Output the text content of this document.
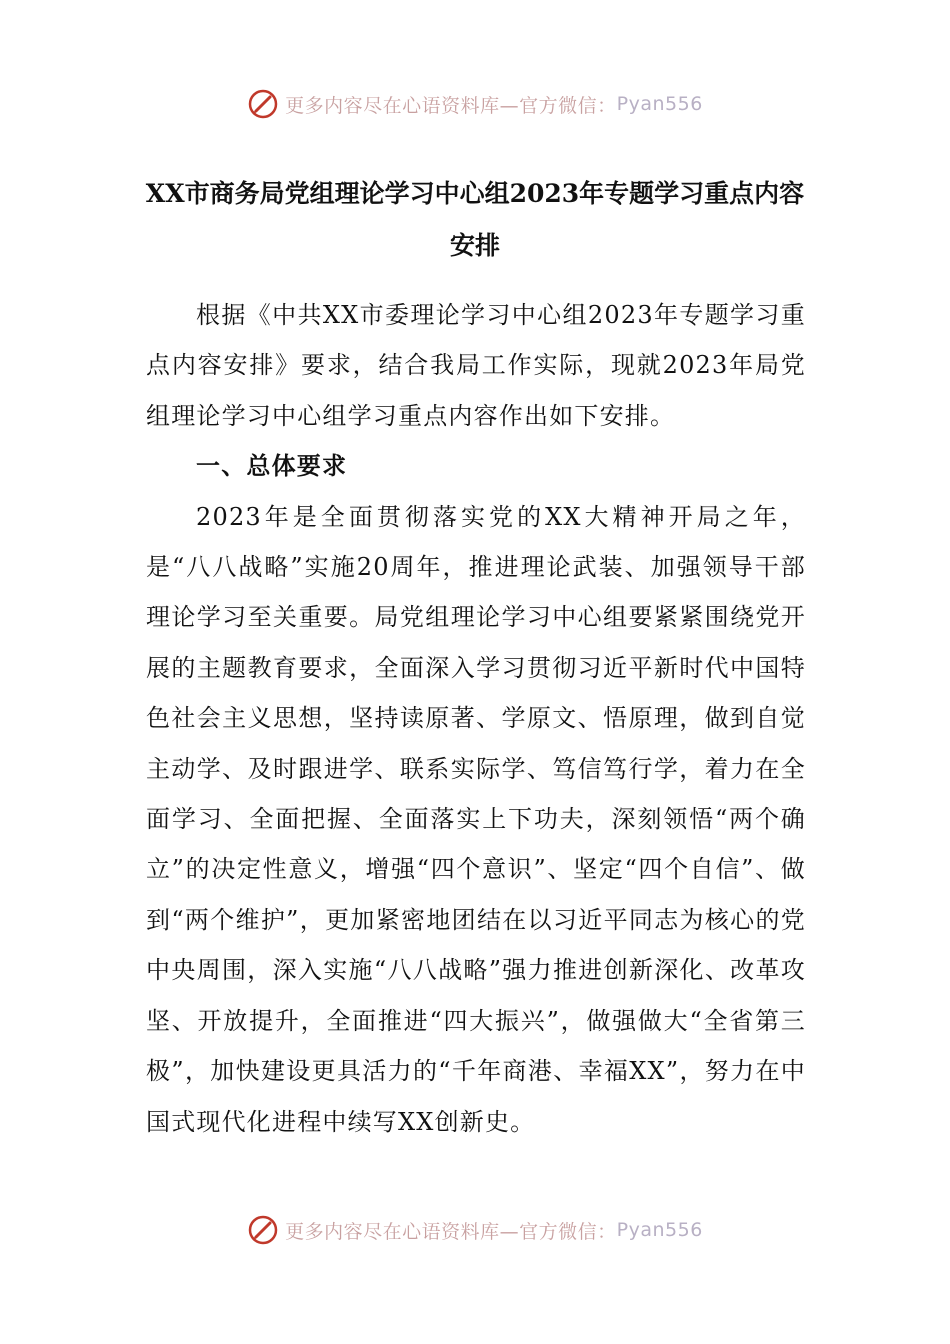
更多内容尽在心语资料库—官方微信： Pyan556
XX市商务局党组理论学习中心组2023年专题学习重点内容安排

根据《中共XX市委理论学习中心组2023年专题学习重点内容安排》要求，结合我局工作实际，现就2023年局党组理论学习中心组学习重点内容作出如下安排。

一、总体要求

2023年是全面贯彻落实党的XX大精神开局之年，是“八八战略”实施20周年，推进理论武装、加强领导干部理论学习至关重要。局党组理论学习中心组要紧紧围绕党开展的主题教育要求，全面深入学习贯彻习近平新时代中国特色社会主义思想，坚持读原著、学原文、悟原理，做到自觉主动学、及时跟进学、联系实际学、笃信笃行学，着力在全面学习、全面把握、全面落实上下功夫，深刻领悟“两个确立”的决定性意义，增强“四个意识”、坚定“四个自信”、做到“两个维护”，更加紧密地团结在以习近平同志为核心的党中央周围，深入实施“八八战略”强力推进创新深化、改革攻坚、开放提升，全面推进“四大振兴”，做强做大“全省第三极”，加快建设更具活力的“千年商港、幸福XX”，努力在中国式现代化进程中续写XX创新史。

更多内容尽在心语资料库—官方微信： Pyan556
